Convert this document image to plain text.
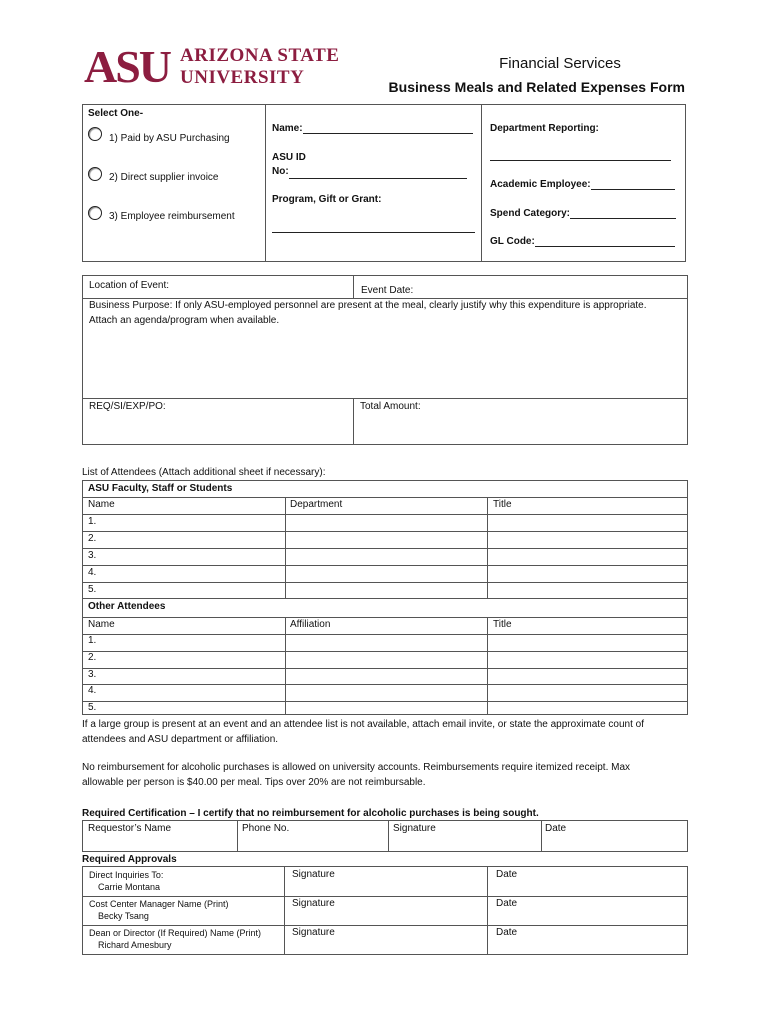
ASU ARIZONA STATE
UNIVERSITY
Financial Services
Business Meals and Related Expenses Form
Select One-
1) Paid by ASU Purchasing
2) Direct supplier invoice
3) Employee reimbursement
Name:
ASU ID
No:
Program, Gift or Grant:
Department Reporting:
Academic Employee:
Spend Category:
GL Code:
Location of Event:	Event Date:
Business Purpose: If only ASU-employed personnel are present at the meal, clearly justify why this expenditure is appropriate.
Attach an agenda/program when available.
REQ/SI/EXP/PO:	Total Amount:
List of Attendees (Attach additional sheet if necessary):
ASU Faculty, Staff or Students
Name	Department	Title
1.
2.
3.
4.
5.
Other Attendees
Name	Affiliation	Title
1.
2.
3.
4.
5.
If a large group is present at an event and an attendee list is not available, attach email invite, or state the approximate count of
attendees and ASU department or affiliation.
No reimbursement for alcoholic purchases is allowed on university accounts. Reimbursements require itemized receipt. Max
allowable per person is $40.00 per meal. Tips over 20% are not reimbursable.
Required Certification – I certify that no reimbursement for alcoholic purchases is being sought.
Requestor’s Name	Phone No.	Signature	Date
Required Approvals
Direct Inquiries To:
Carrie Montana
Signature	Date
Cost Center Manager Name (Print)
Becky Tsang
Signature	Date
Dean or Director (If Required) Name (Print)
Richard Amesbury
Signature	Date
